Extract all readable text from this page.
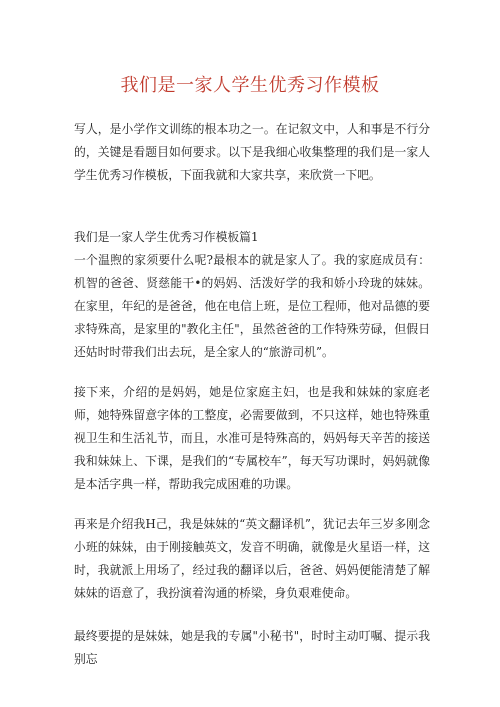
我们是一家人学生优秀习作模板

写人，是小学作文训练的根本功之一。在记叙文中，人和事是不行分的，关键是看题目如何要求。以下是我细心收集整理的我们是一家人学生优秀习作模板，下面我就和大家共享，来欣赏一下吧。

我们是一家人学生优秀习作模板篇1

一个温煦的家须要什么呢?最根本的就是家人了。我的家庭成员有：机智的爸爸、贤慈能干•的妈妈、活泼好学的我和娇小玲珑的妹妹。在家里，年纪的是爸爸，他在电信上班，是位工程师，他对品德的要求特殊高，是家里的"教化主任"，虽然爸爸的工作特殊劳碌，但假日还姑时时带我们出去玩，是全家人的“旅游司机”。

接下来，介绍的是妈妈，她是位家庭主妇，也是我和妹妹的家庭老师，她特殊留意字体的工整度，必需要做到，不只这样，她也特殊重视卫生和生活礼节，而且，水准可是特殊高的，妈妈每天辛苦的接送我和妹妹上、下课，是我们的“专属校车”，每天写功课时，妈妈就像是本活字典一样，帮助我完成困难的功课。

再来是介绍我H己，我是妹妹的“英文翻译机”，犹记去年三岁多刚念小班的妹妹，由于刚接触英文，发音不明确，就像是火星语一样，这时，我就派上用场了，经过我的翻译以后，爸爸、妈妈便能清楚了解妹妹的语意了，我扮演着沟通的桥梁，身负艰难使命。

最终要提的是妹妹，她是我的专属"小秘书"，时时主动叮嘱、提示我别忘
